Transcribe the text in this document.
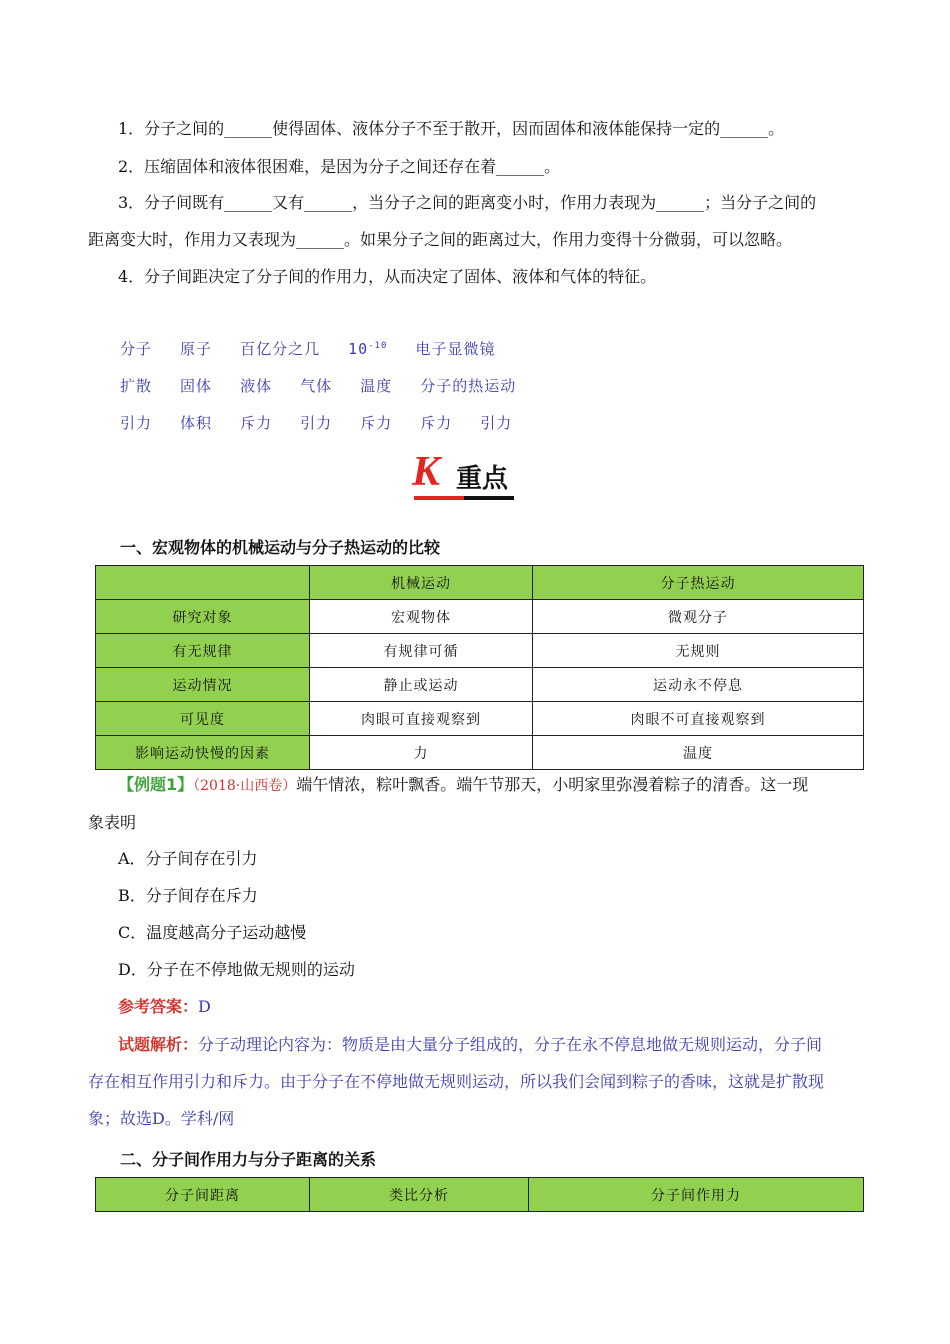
1．分子之间的______使得固体、液体分子不至于散开，因而固体和液体能保持一定的______。
2．压缩固体和液体很困难，是因为分子之间还存在着______。
3．分子间既有______又有______，当分子之间的距离变小时，作用力表现为______；当分子之间的
距离变大时，作用力又表现为______。如果分子之间的距离过大，作用力变得十分微弱，可以忽略。
4．分子间距决定了分子间的作用力，从而决定了固体、液体和气体的特征。
分子 原子 百亿分之几 $10^{-10}$ 电子显微镜
扩散 固体 液体 气体 温度 分子的热运动
引力 体积 斥力 引力 斥力 斥力 引力
K 重点
一、宏观物体的机械运动与分子热运动的比较
	机械运动	分子热运动
研究对象	宏观物体	微观分子
有无规律	有规律可循	无规则
运动情况	静止或运动	运动永不停息
可见度	肉眼可直接观察到	肉眼不可直接观察到
影响运动快慢的因素	力	温度
【例题1】（2018·山西卷）端午情浓，粽叶飘香。端午节那天，小明家里弥漫着粽子的清香。这一现
象表明
A．分子间存在引力
B．分子间存在斥力
C．温度越高分子运动越慢
D．分子在不停地做无规则的运动
参考答案：D
试题解析：分子动理论内容为：物质是由大量分子组成的，分子在永不停息地做无规则运动，分子间
存在相互作用引力和斥力。由于分子在不停地做无规则运动，所以我们会闻到粽子的香味，这就是扩散现
象；故选D。学科/网
二、分子间作用力与分子距离的关系
分子间距离	类比分析	分子间作用力
